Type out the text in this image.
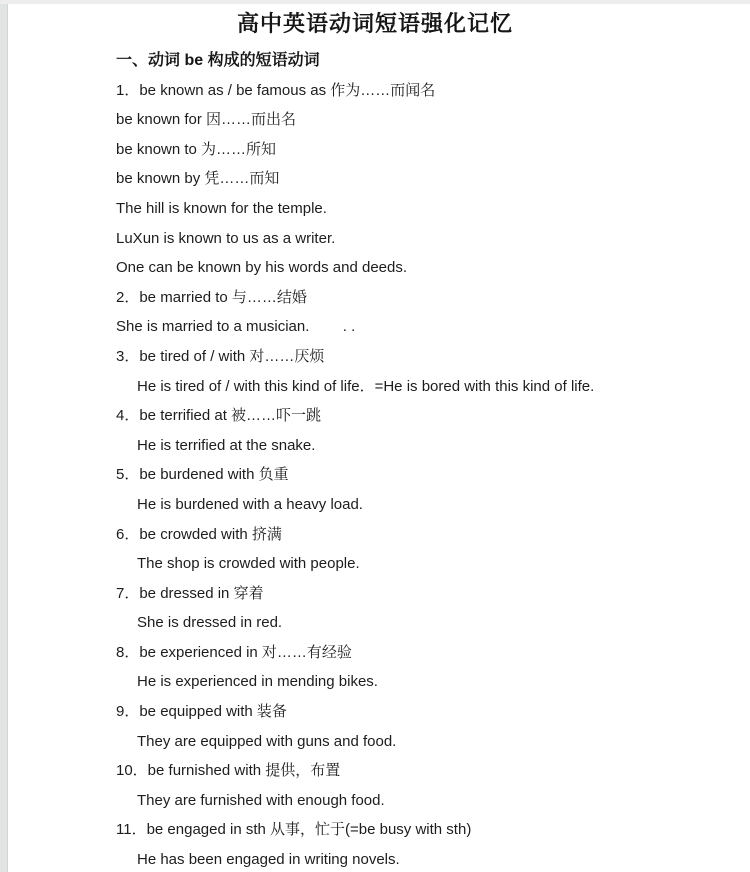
高中英语动词短语强化记忆
一、动词 be 构成的短语动词
1．be known as / be famous as 作为……而闻名
be known for 因……而出名
be known to 为……所知
be known by 凭……而知
The hill is known for the temple.
LuXun is known to us as a writer.
One can be known by his words and deeds.
2．be married to 与……结婚
She is married to a musician.        . .
3．be tired of / with 对……厌烦
He is tired of / with this kind of life．=He is bored with this kind of life.
4．be terrified at 被……吓一跳
He is terrified at the snake.
5．be burdened with 负重
He is burdened with a heavy load.
6．be crowded with 挤满
The shop is crowded with people.
7．be dressed in 穿着
She is dressed in red.
8．be experienced in 对……有经验
He is experienced in mending bikes.
9．be equipped with 装备
They are equipped with guns and food.
10．be furnished with 提供，布置
They are furnished with enough food.
11．be engaged in sth 从事，忙于(=be busy with sth)
He has been engaged in writing novels.
